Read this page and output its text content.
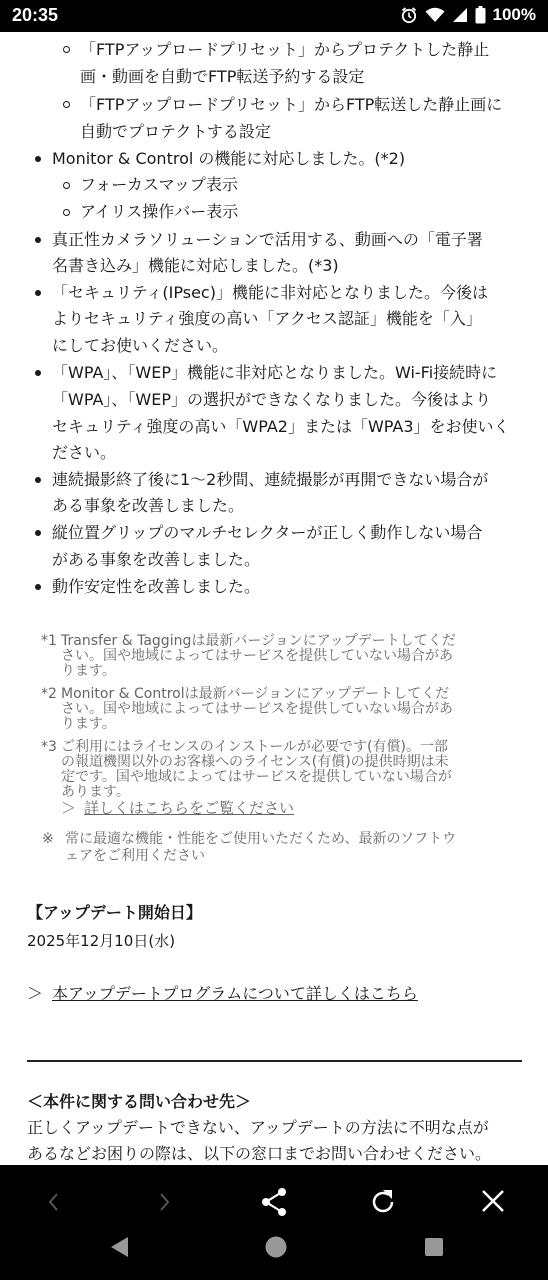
20:35	100%
「FTPアップロードプリセット」からプロテクトした静止
画・動画を自動でFTP転送予約する設定
「FTPアップロードプリセット」からFTP転送した静止画に
自動でプロテクトする設定
Monitor & Control の機能に対応しました。(*2)
フォーカスマップ表示
アイリス操作バー表示
真正性カメラソリューションで活用する、動画への「電子署
名書き込み」機能に対応しました。(*3)
「セキュリティ(IPsec)」機能に非対応となりました。今後は
よりセキュリティ強度の高い「アクセス認証」機能を「入」
にしてお使いください。
「WPA」、「WEP」機能に非対応となりました。Wi-Fi接続時に
「WPA」、「WEP」の選択ができなくなりました。今後はより
セキュリティ強度の高い「WPA2」または「WPA3」をお使いく
ださい。
連続撮影終了後に1～2秒間、連続撮影が再開できない場合が
ある事象を改善しました。
縦位置グリップのマルチセレクターが正しく動作しない場合
がある事象を改善しました。
動作安定性を改善しました。
*1 Transfer & Taggingは最新バージョンにアップデートしてくだ
さい。国や地域によってはサービスを提供していない場合があ
ります。
*2 Monitor & Controlは最新バージョンにアップデートしてくだ
さい。国や地域によってはサービスを提供していない場合があ
ります。
*3 ご利用にはライセンスのインストールが必要です(有償)。一部
の報道機関以外のお客様へのライセンス(有償)の提供時期は未
定です。国や地域によってはサービスを提供していない場合が
あります。
＞ 詳しくはこちらをご覧ください
※ 常に最適な機能・性能をご使用いただくため、最新のソフトウ
ェアをご利用ください
【アップデート開始日】
2025年12月10日(水)
＞ 本アップデートプログラムについて詳しくはこちら
＜本件に関する問い合わせ先＞
正しくアップデートできない、アップデートの方法に不明な点が
あるなどお困りの際は、以下の窓口までお問い合わせください。
